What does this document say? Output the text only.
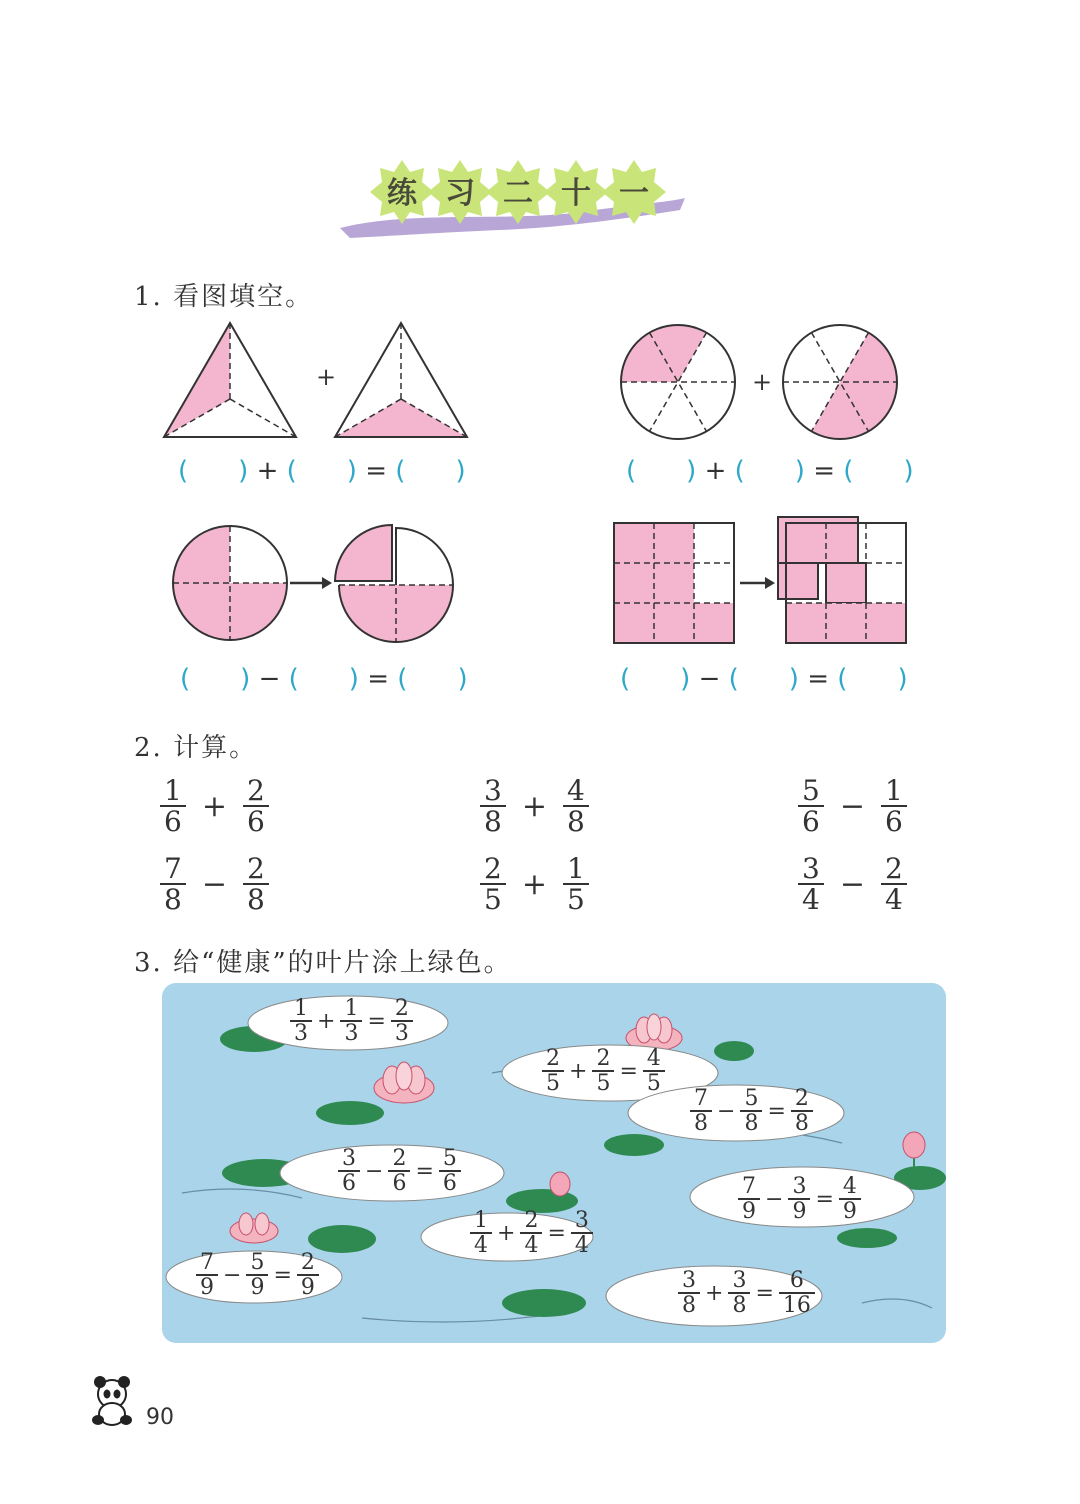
练 习 二 十 一
1. 看图填空。
+	+
( ) + ( ) = ( )	( ) + ( ) = ( )
( ) − ( ) = ( )	( ) − ( ) = ( )
2. 计算。
$\frac{1}{6} + \frac{2}{6}$	$\frac{3}{8} + \frac{4}{8}$	$\frac{5}{6} - \frac{1}{6}$
$\frac{7}{8} - \frac{2}{8}$	$\frac{2}{5} + \frac{1}{5}$	$\frac{3}{4} - \frac{2}{4}$
3. 给“健康”的叶片涂上绿色。
$\frac{1}{3} + \frac{1}{3} = \frac{2}{3}$
$\frac{2}{5} + \frac{2}{5} = \frac{4}{5}$
$\frac{7}{8} - \frac{5}{8} = \frac{2}{8}$
$\frac{3}{6} - \frac{2}{6} = \frac{5}{6}$
$\frac{7}{9} - \frac{3}{9} = \frac{4}{9}$
$\frac{1}{4} + \frac{2}{4} = \frac{3}{4}$
$\frac{7}{9} - \frac{5}{9} = \frac{2}{9}$	$\frac{3}{8} + \frac{3}{8} = \frac{6}{16}$
90
